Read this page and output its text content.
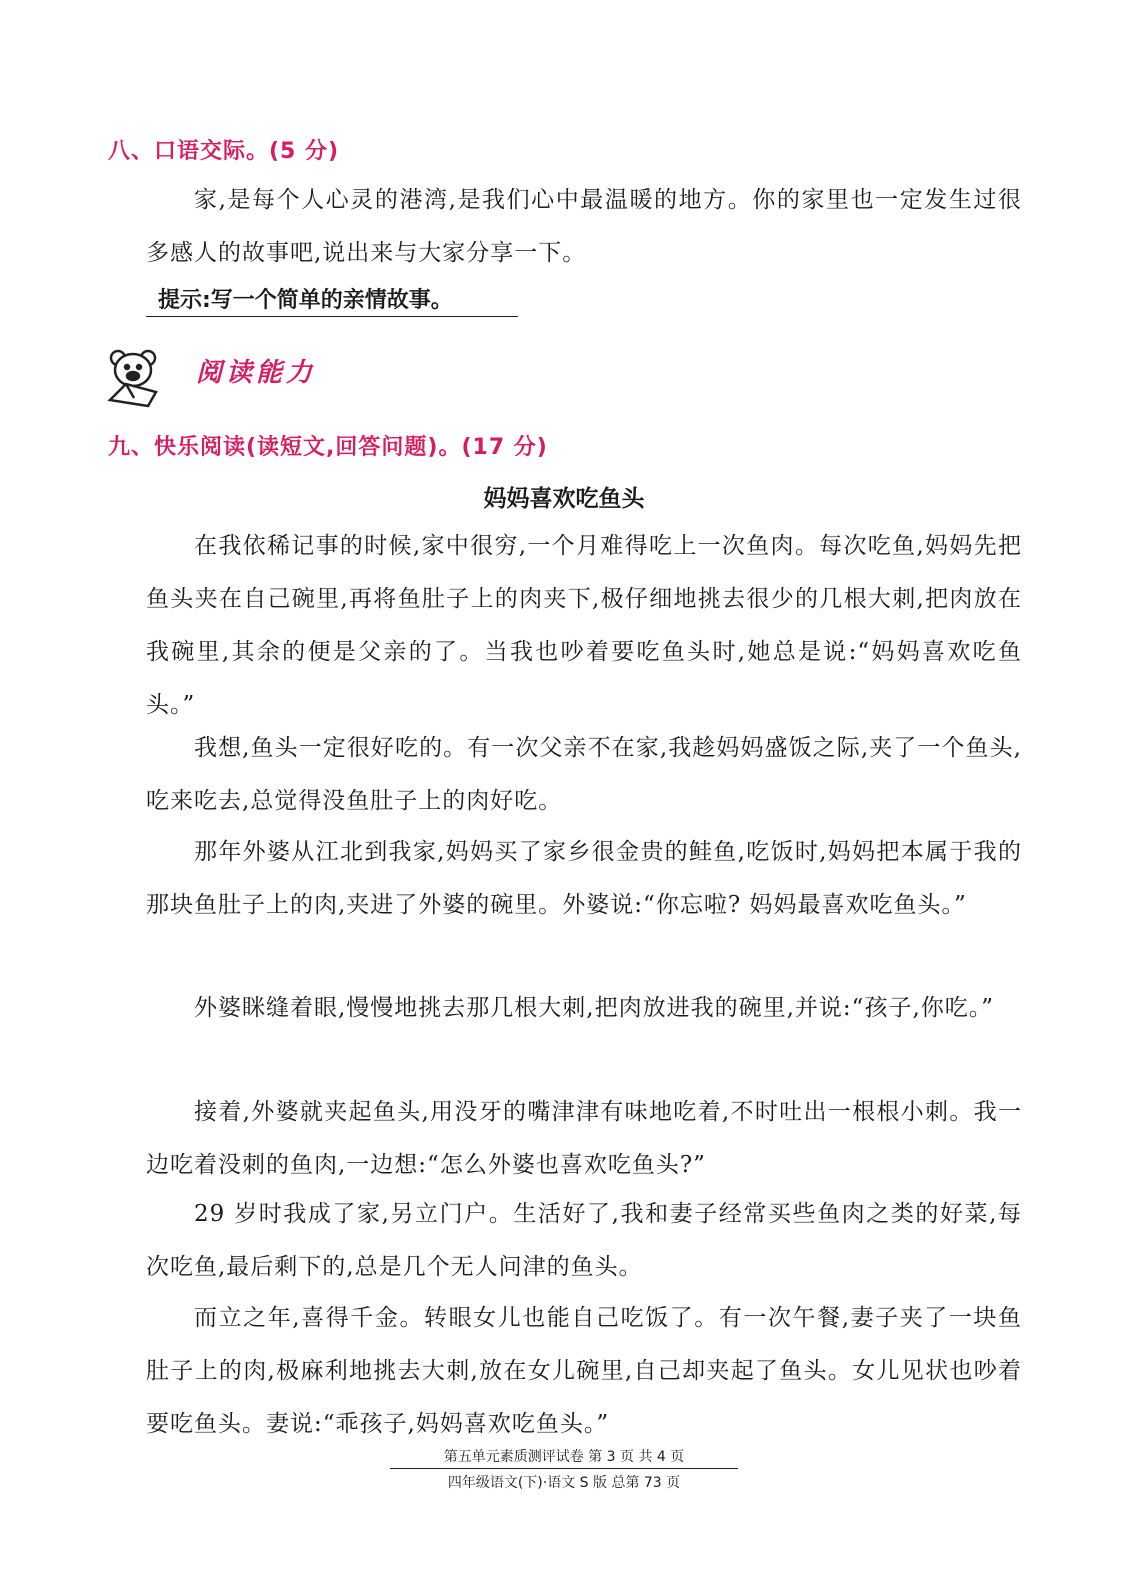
八、口语交际。(5 分)
家,是每个人心灵的港湾,是我们心中最温暖的地方。你的家里也一定发生过很多感人的故事吧,说出来与大家分享一下。
提示:写一个简单的亲情故事。
阅读能力
九、快乐阅读(读短文,回答问题)。(17 分)
妈妈喜欢吃鱼头
在我依稀记事的时候,家中很穷,一个月难得吃上一次鱼肉。每次吃鱼,妈妈先把鱼头夹在自己碗里,再将鱼肚子上的肉夹下,极仔细地挑去很少的几根大刺,把肉放在我碗里,其余的便是父亲的了。当我也吵着要吃鱼头时,她总是说:“妈妈喜欢吃鱼头。”
我想,鱼头一定很好吃的。有一次父亲不在家,我趁妈妈盛饭之际,夹了一个鱼头,吃来吃去,总觉得没鱼肚子上的肉好吃。
那年外婆从江北到我家,妈妈买了家乡很金贵的鲑鱼,吃饭时,妈妈把本属于我的那块鱼肚子上的肉,夹进了外婆的碗里。外婆说:“你忘啦? 妈妈最喜欢吃鱼头。”
外婆眯缝着眼,慢慢地挑去那几根大刺,把肉放进我的碗里,并说:“孩子,你吃。”
接着,外婆就夹起鱼头,用没牙的嘴津津有味地吃着,不时吐出一根根小刺。我一边吃着没刺的鱼肉,一边想:“怎么外婆也喜欢吃鱼头?”
29 岁时我成了家,另立门户。生活好了,我和妻子经常买些鱼肉之类的好菜,每次吃鱼,最后剩下的,总是几个无人问津的鱼头。
而立之年,喜得千金。转眼女儿也能自己吃饭了。有一次午餐,妻子夹了一块鱼肚子上的肉,极麻利地挑去大刺,放在女儿碗里,自己却夹起了鱼头。女儿见状也吵着要吃鱼头。妻说:“乖孩子,妈妈喜欢吃鱼头。”
第五单元素质测评试卷 第 3 页 共 4 页
四年级语文(下)·语文 S 版 总第 73 页
